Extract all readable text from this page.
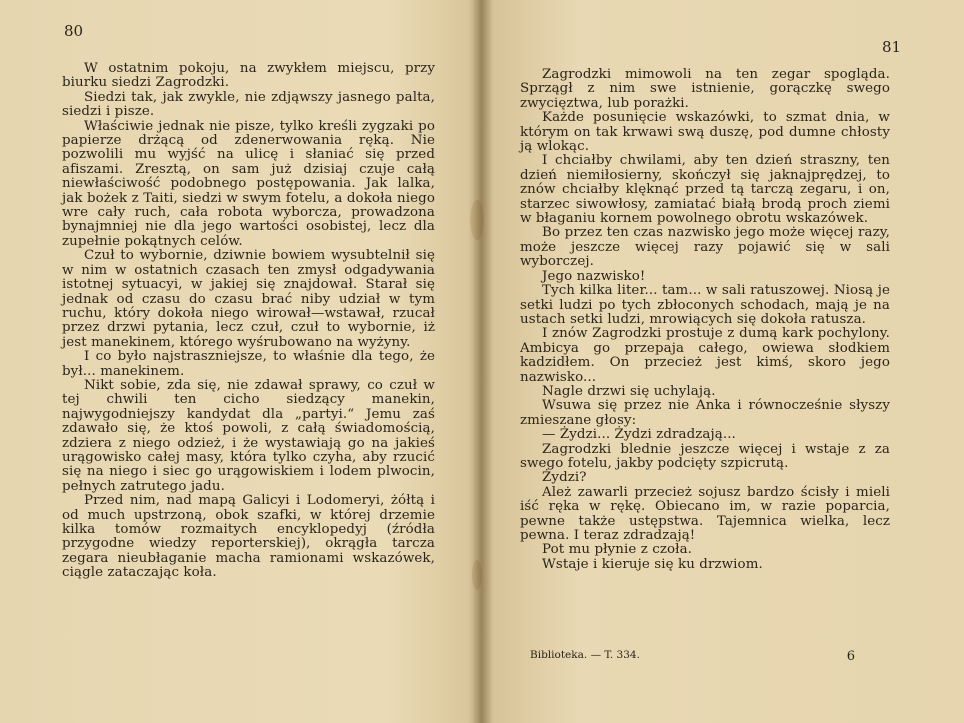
80

W ostatnim pokoju, na zwykłem miejscu, przy biurku siedzi Zagrodzki.

Siedzi tak, jak zwykle, nie zdjąwszy jasnego palta, siedzi i pisze.

Właściwie jednak nie pisze, tylko kreśli zygzaki po papierze drżącą od zdenerwowania ręką. Nie pozwolili mu wyjść na ulicę i słaniać się przed afiszami. Zresztą, on sam już dzisiaj czuje całą niewłaściwość podobnego postępowania. Jak lalka, jak bożek z Taiti, siedzi w swym fotelu, a dokoła niego wre cały ruch, cała robota wyborcza, prowadzona bynajmniej nie dla jego wartości osobistej, lecz dla zupełnie pokątnych celów.

Czuł to wybornie, dziwnie bowiem wysubtelnił się w nim w ostatnich czasach ten zmysł odgadywania istotnej sytuacyi, w jakiej się znajdował. Starał się jednak od czasu do czasu brać niby udział w tym ruchu, który dokoła niego wirował—wstawał, rzucał przez drzwi pytania, lecz czuł, czuł to wybornie, iż jest manekinem, którego wyśrubowano na wyżyny.

I co było najstraszniejsze, to właśnie dla tego, że był... manekinem.

Nikt sobie, zda się, nie zdawał sprawy, co czuł w tej chwili ten cicho siedzący manekin, najwygodniejszy kandydat dla „partyi.“ Jemu zaś zdawało się, że ktoś powoli, z całą świadomością, zdziera z niego odzież, i że wystawiają go na jakieś urągowisko całej masy, która tylko czyha, aby rzucić się na niego i siec go urągowiskiem i lodem plwocin, pełnych zatrutego jadu.

Przed nim, nad mapą Galicyi i Lodomeryi, żółtą i od much upstrzoną, obok szafki, w której drzemie kilka tomów rozmaitych encyklopedyj (źródła przygodne wiedzy reporterskiej), okrągła tarcza zegara nieubłaganie macha ramionami wskazówek, ciągle zataczając koła.

81

Zagrodzki mimowoli na ten zegar spogląda. Sprzągł z nim swe istnienie, gorączkę swego zwycięztwa, lub porażki.

Każde posunięcie wskazówki, to szmat dnia, w którym on tak krwawi swą duszę, pod dumne chłosty ją wlokąc.

I chciałby chwilami, aby ten dzień straszny, ten dzień niemiłosierny, skończył się jaknajprędzej, to znów chciałby klęknąć przed tą tarczą zegaru, i on, starzec siwowłosy, zamiatać białą brodą proch ziemi w błaganiu kornem powolnego obrotu wskazówek.

Bo przez ten czas nazwisko jego może więcej razy, może jeszcze więcej razy pojawić się w sali wyborczej.

Jego nazwisko!

Tych kilka liter... tam... w sali ratuszowej. Niosą je setki ludzi po tych zbłoconych schodach, mają je na ustach setki ludzi, mrowiących się dokoła ratusza.

I znów Zagrodzki prostuje z dumą kark pochylony. Ambicya go przepaja całego, owiewa słodkiem kadzidłem. On przecież jest kimś, skoro jego nazwisko...

Nagle drzwi się uchylają.

Wsuwa się przez nie Anka i równocześnie słyszy zmieszane głosy:

— Żydzi... Żydzi zdradzają...

Zagrodzki blednie jeszcze więcej i wstaje z za swego fotelu, jakby podcięty szpicrutą.

Żydzi?

Ależ zawarli przecież sojusz bardzo ścisły i mieli iść ręka w rękę. Obiecano im, w razie poparcia, pewne także ustępstwa. Tajemnica wielka, lecz pewna. I teraz zdradzają!

Pot mu płynie z czoła.

Wstaje i kieruje się ku drzwiom.

Biblioteka. — T. 334.	6
